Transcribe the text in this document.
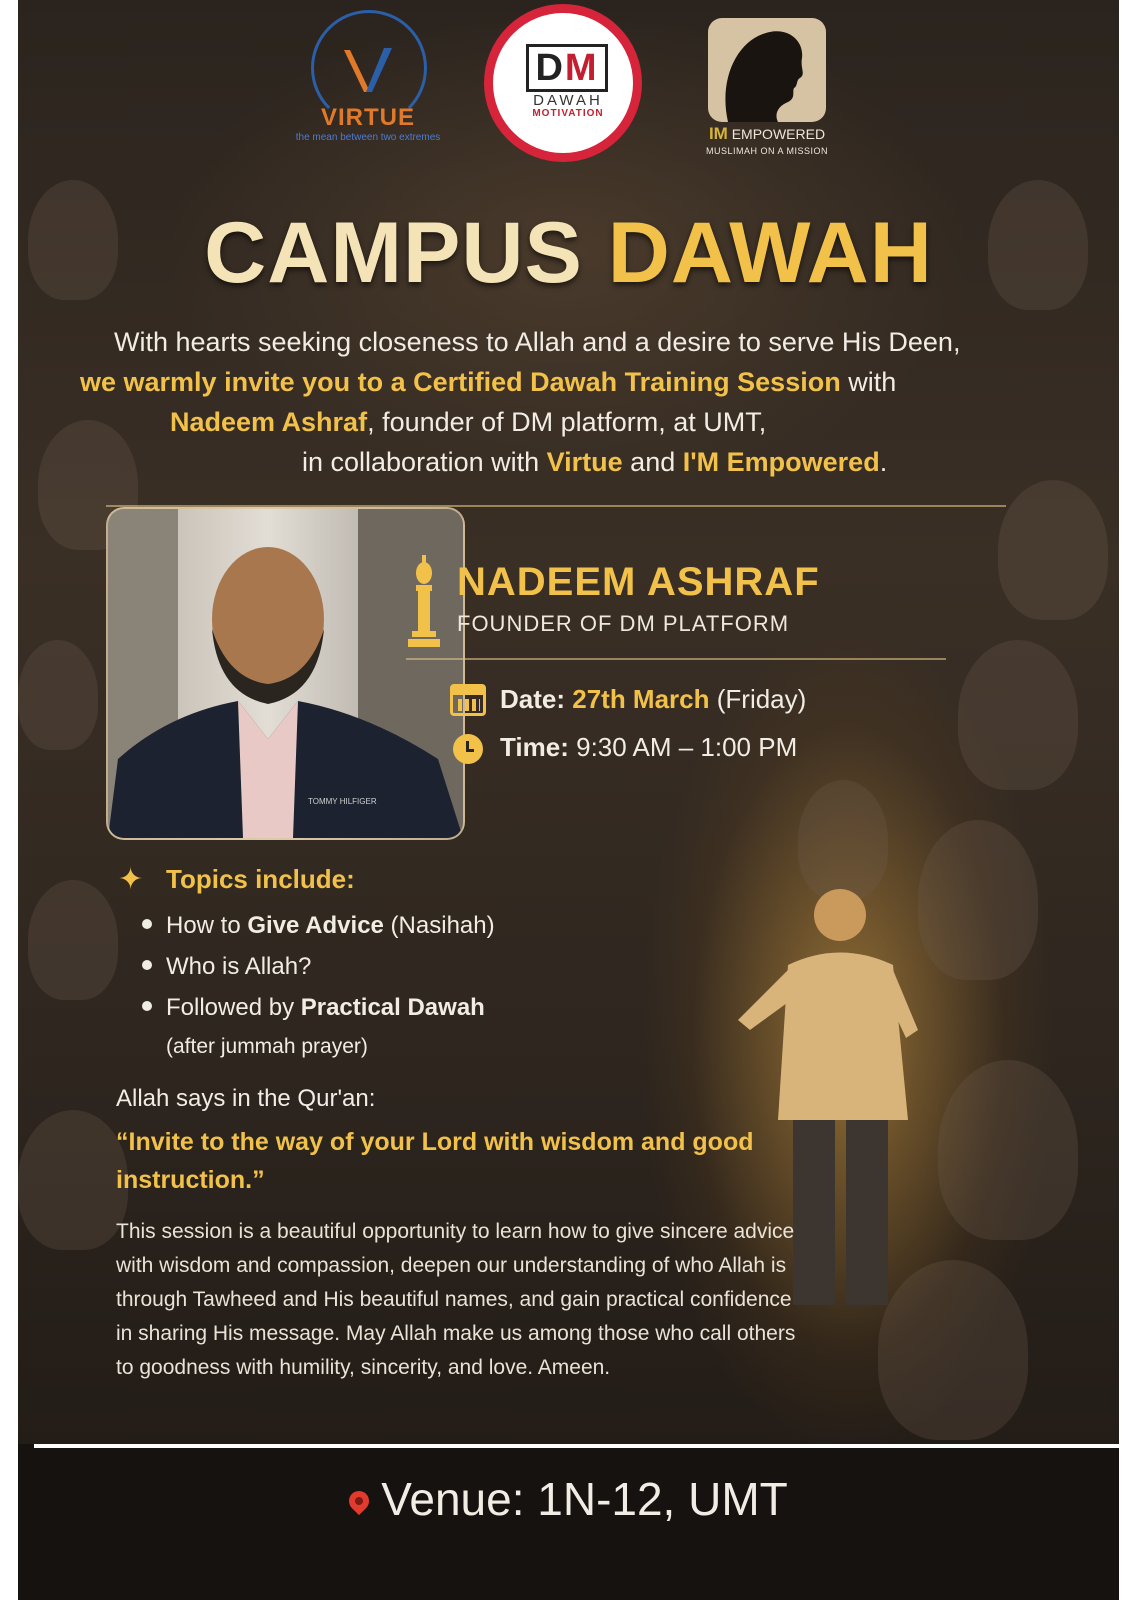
VIRTUE
the mean between two extremes
DM
DAWAH
MOTIVATION
IM EMPOWERED
MUSLIMAH ON A MISSION
CAMPUS DAWAH
With hearts seeking closeness to Allah and a desire to serve His Deen,
we warmly invite you to a Certified Dawah Training Session with
Nadeem Ashraf, founder of DM platform, at UMT,
in collaboration with Virtue and I'M Empowered.
TOMMY HILFIGER
NADEEM ASHRAF
FOUNDER OF DM PLATFORM
Date: 27th March (Friday)
Time: 9:30 AM – 1:00 PM
✦ Topics include:
How to Give Advice (Nasihah)
Who is Allah?
Followed by Practical Dawah
(after jummah prayer)
Allah says in the Qur'an:
“Invite to the way of your Lord with wisdom and good instruction.”
This session is a beautiful opportunity to learn how to give sincere advice with wisdom and compassion, deepen our understanding of who Allah is through Tawheed and His beautiful names, and gain practical confidence in sharing His message. May Allah make us among those who call others to goodness with humility, sincerity, and love. Ameen.
Venue: 1N-12, UMT
